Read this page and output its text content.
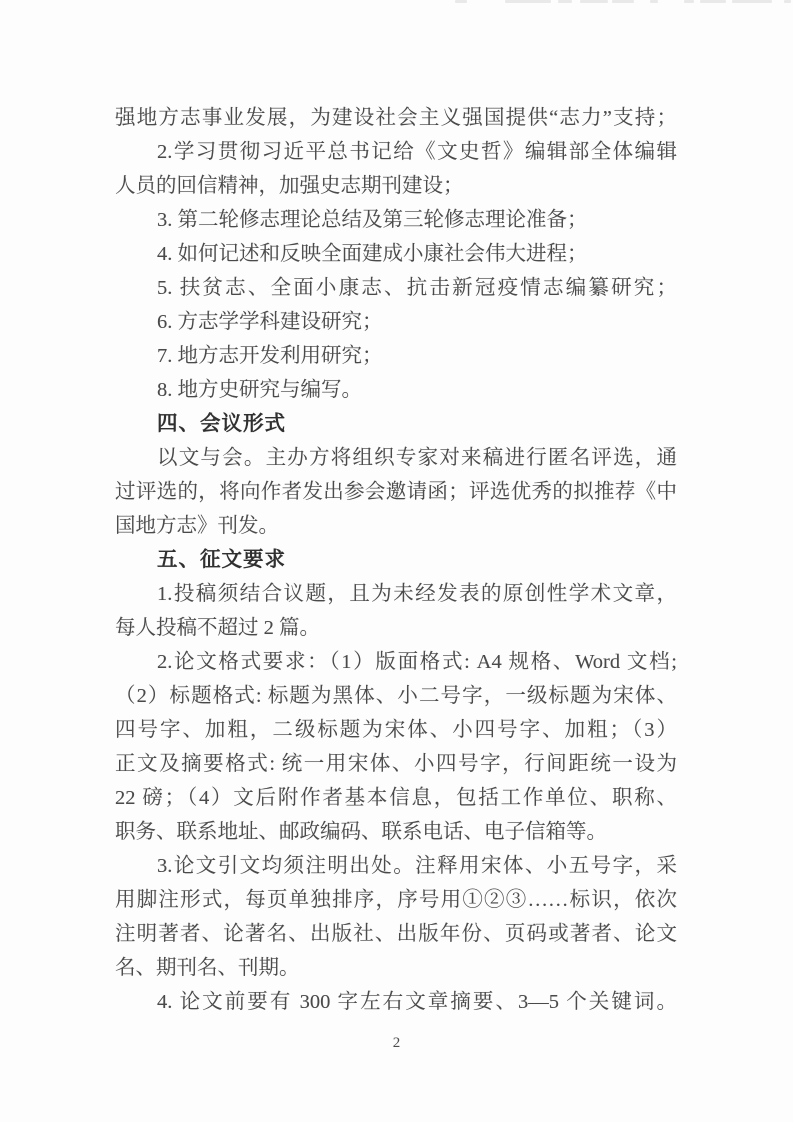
强地方志事业发展，为建设社会主义强国提供“志力”支持；
2.学习贯彻习近平总书记给《文史哲》编辑部全体编辑
人员的回信精神，加强史志期刊建设；
3. 第二轮修志理论总结及第三轮修志理论准备；
4. 如何记述和反映全面建成小康社会伟大进程；
5. 扶贫志、全面小康志、抗击新冠疫情志编纂研究；
6. 方志学学科建设研究；
7. 地方志开发利用研究；
8. 地方史研究与编写。
四、会议形式
以文与会。主办方将组织专家对来稿进行匿名评选，通
过评选的，将向作者发出参会邀请函；评选优秀的拟推荐《中
国地方志》刊发。
五、征文要求
1.投稿须结合议题，且为未经发表的原创性学术文章，
每人投稿不超过 2 篇。
2.论文格式要求：（1）版面格式: A4 规格、Word 文档;
（2）标题格式: 标题为黑体、小二号字，一级标题为宋体、
四号字、加粗，二级标题为宋体、小四号字、加粗；（3）
正文及摘要格式: 统一用宋体、小四号字，行间距统一设为
22 磅；（4）文后附作者基本信息，包括工作单位、职称、
职务、联系地址、邮政编码、联系电话、电子信箱等。
3.论文引文均须注明出处。注释用宋体、小五号字，采
用脚注形式，每页单独排序，序号用①②③……标识，依次
注明著者、论著名、出版社、出版年份、页码或著者、论文
名、期刊名、刊期。
4. 论文前要有 300 字左右文章摘要、3—5 个关键词。
2
